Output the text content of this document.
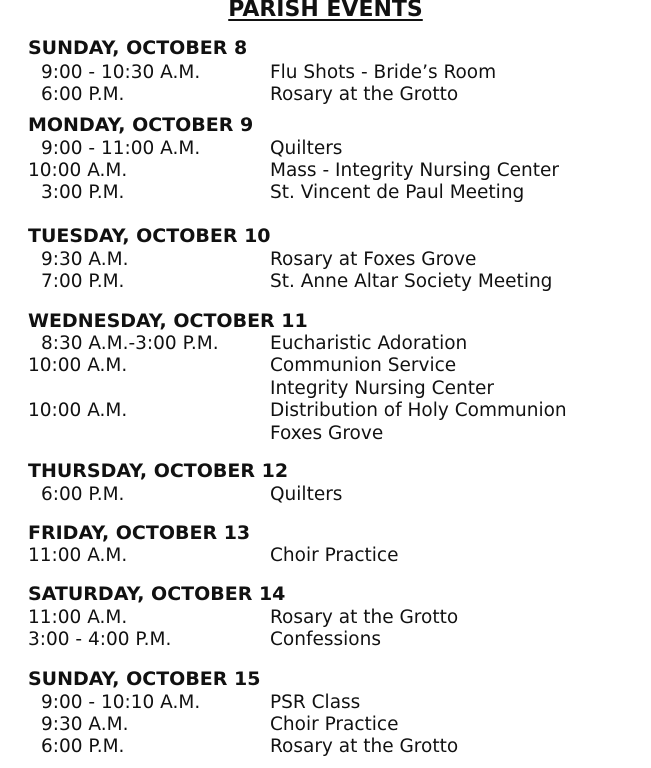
PARISH EVENTS
SUNDAY, OCTOBER 8
9:00 - 10:30 A.M.	Flu Shots - Bride’s Room
6:00 P.M.	Rosary at the Grotto
MONDAY, OCTOBER 9
9:00 - 11:00 A.M.	Quilters
10:00 A.M.	Mass - Integrity Nursing Center
3:00 P.M.	St. Vincent de Paul Meeting
TUESDAY, OCTOBER 10
9:30 A.M.	Rosary at Foxes Grove
7:00 P.M.	St. Anne Altar Society Meeting
WEDNESDAY, OCTOBER 11
8:30 A.M.-3:00 P.M.	Eucharistic Adoration
10:00 A.M.	Communion Service
Integrity Nursing Center
10:00 A.M.	Distribution of Holy Communion
Foxes Grove
THURSDAY, OCTOBER 12
6:00 P.M.	Quilters
FRIDAY, OCTOBER 13
11:00 A.M.	Choir Practice
SATURDAY, OCTOBER 14
11:00 A.M.	Rosary at the Grotto
3:00 - 4:00 P.M.	Confessions
SUNDAY, OCTOBER 15
9:00 - 10:10 A.M.	PSR Class
9:30 A.M.	Choir Practice
6:00 P.M.	Rosary at the Grotto
